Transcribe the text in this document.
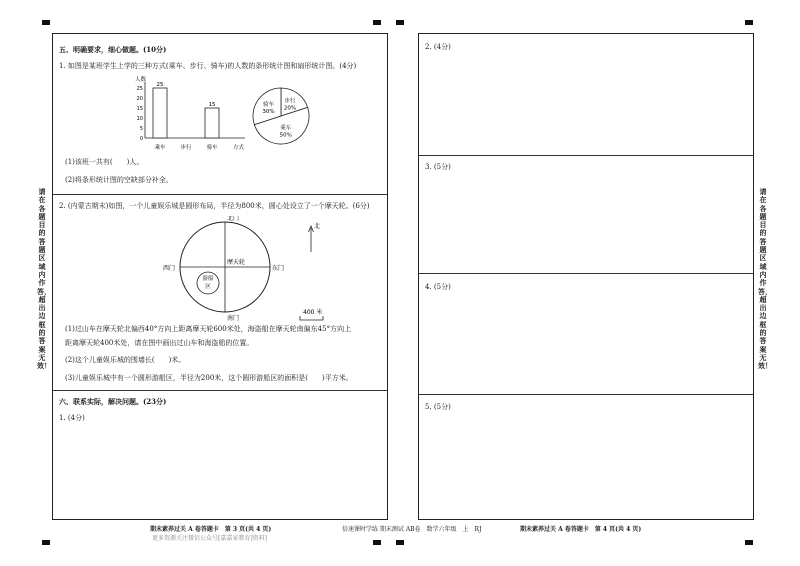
请在各题目的答题区域内作答，超出边框的答案无效！
请在各题目的答题区域内作答，超出边框的答案无效！
五、明确要求，细心做题。(10分)
1. 如图是某班学生上学的三种方式(乘车、步行、骑车)的人数的条形统计图和扇形统计图。(4分)
人数
方式
0
5
10
15
20
25
乘车
25
步行	骑车
15
步行
20%
乘车
50%
骑车
30%
(1)该班一共有(　　)人。
(2)将条形统计图的空缺部分补全。
2. (内蒙古期末)如图，一个儿童娱乐城是圆形布局，半径为800米，圆心处设立了一个摩天轮。(6分)
游船
区
摩天轮
北门
南门
西门	东门
北
400 米
(1)过山车在摩天轮北偏西40°方向上距离摩天轮600米处，海盗船在摩天轮南偏东45°方向上
距离摩天轮400米处，请在图中画出过山车和海盗船的位置。
(2)这个儿童娱乐城的围墙长(　　)米。
(3)儿童娱乐城中有一个圆形游船区，半径为200米，这个圆形游船区的面积是(　　)平方米。
六、联系实际，解决问题。(23分)
1. (4分)
期末素养过关 A 卷答题卡　第 3 页(共 4 页)
更多资源关注微信公众号[嘉嘉家教育]资料]
2. (4分)
3. (5分)
4. (5分)
5. (5分)
倍速课时学练 期末测试 AB卷　数学六年级　上　RJ	期末素养过关 A 卷答题卡　第 4 页(共 4 页)
